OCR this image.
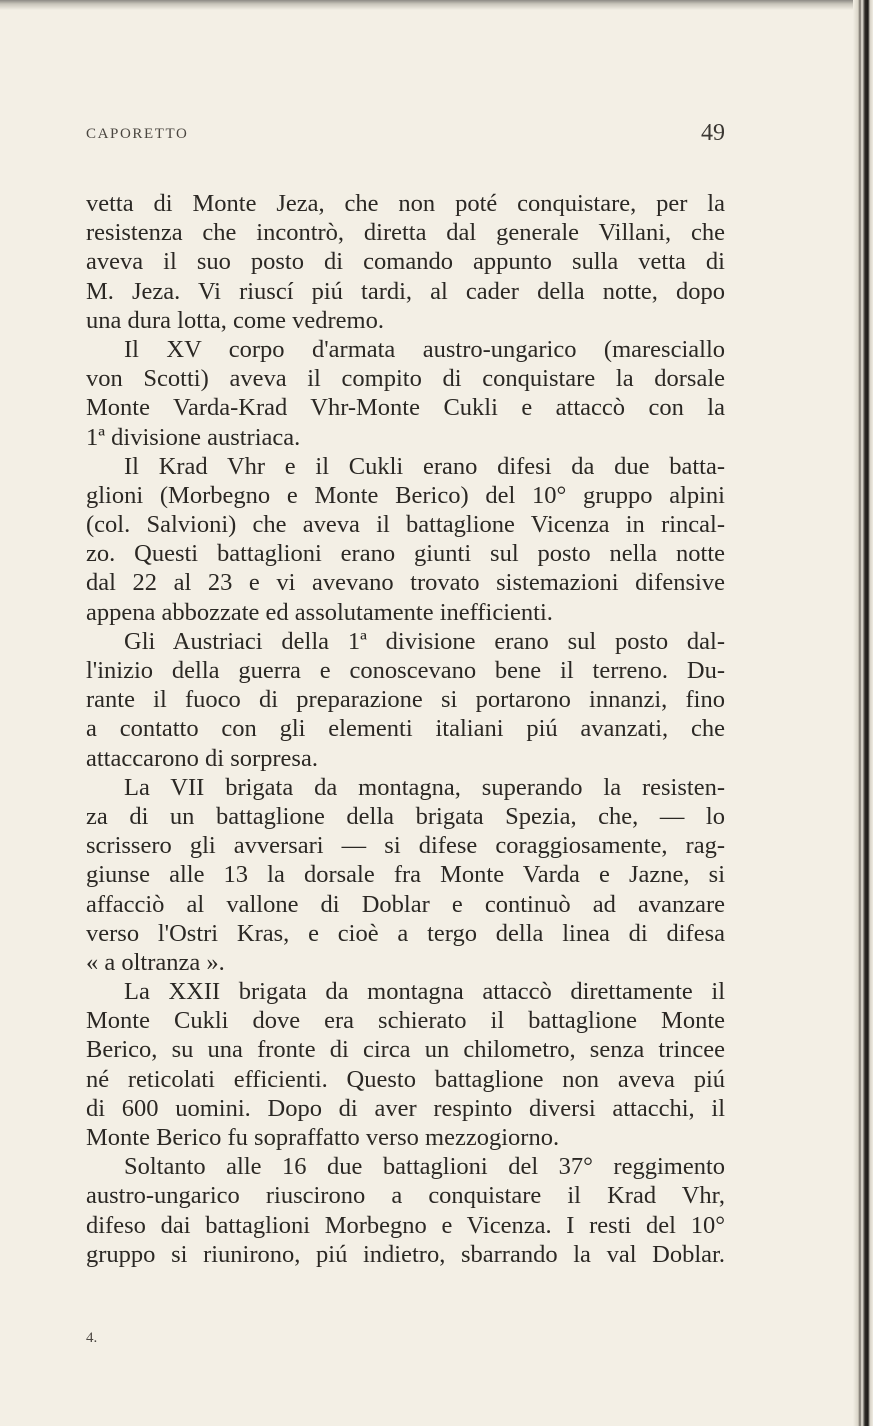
CAPORETTO	49
vetta di Monte Jeza, che non poté conquistare, per la
resistenza che incontrò, diretta dal generale Villani, che
aveva il suo posto di comando appunto sulla vetta di
M. Jeza. Vi riuscí piú tardi, al cader della notte, dopo
una dura lotta, come vedremo.
Il XV corpo d'armata austro-ungarico (maresciallo
von Scotti) aveva il compito di conquistare la dorsale
Monte Varda-Krad Vhr-Monte Cukli e attaccò con la
1ª divisione austriaca.
Il Krad Vhr e il Cukli erano difesi da due batta-
glioni (Morbegno e Monte Berico) del 10° gruppo alpini
(col. Salvioni) che aveva il battaglione Vicenza in rincal-
zo. Questi battaglioni erano giunti sul posto nella notte
dal 22 al 23 e vi avevano trovato sistemazioni difensive
appena abbozzate ed assolutamente inefficienti.
Gli Austriaci della 1ª divisione erano sul posto dal-
l'inizio della guerra e conoscevano bene il terreno. Du-
rante il fuoco di preparazione si portarono innanzi, fino
a contatto con gli elementi italiani piú avanzati, che
attaccarono di sorpresa.
La VII brigata da montagna, superando la resisten-
za di un battaglione della brigata Spezia, che, — lo
scrissero gli avversari — si difese coraggiosamente, rag-
giunse alle 13 la dorsale fra Monte Varda e Jazne, si
affacciò al vallone di Doblar e continuò ad avanzare
verso l'Ostri Kras, e cioè a tergo della linea di difesa
« a oltranza ».
La XXII brigata da montagna attaccò direttamente il
Monte Cukli dove era schierato il battaglione Monte
Berico, su una fronte di circa un chilometro, senza trincee
né reticolati efficienti. Questo battaglione non aveva piú
di 600 uomini. Dopo di aver respinto diversi attacchi, il
Monte Berico fu sopraffatto verso mezzogiorno.
Soltanto alle 16 due battaglioni del 37° reggimento
austro-ungarico riuscirono a conquistare il Krad Vhr,
difeso dai battaglioni Morbegno e Vicenza. I resti del 10°
gruppo si riunirono, piú indietro, sbarrando la val Doblar.
4.
